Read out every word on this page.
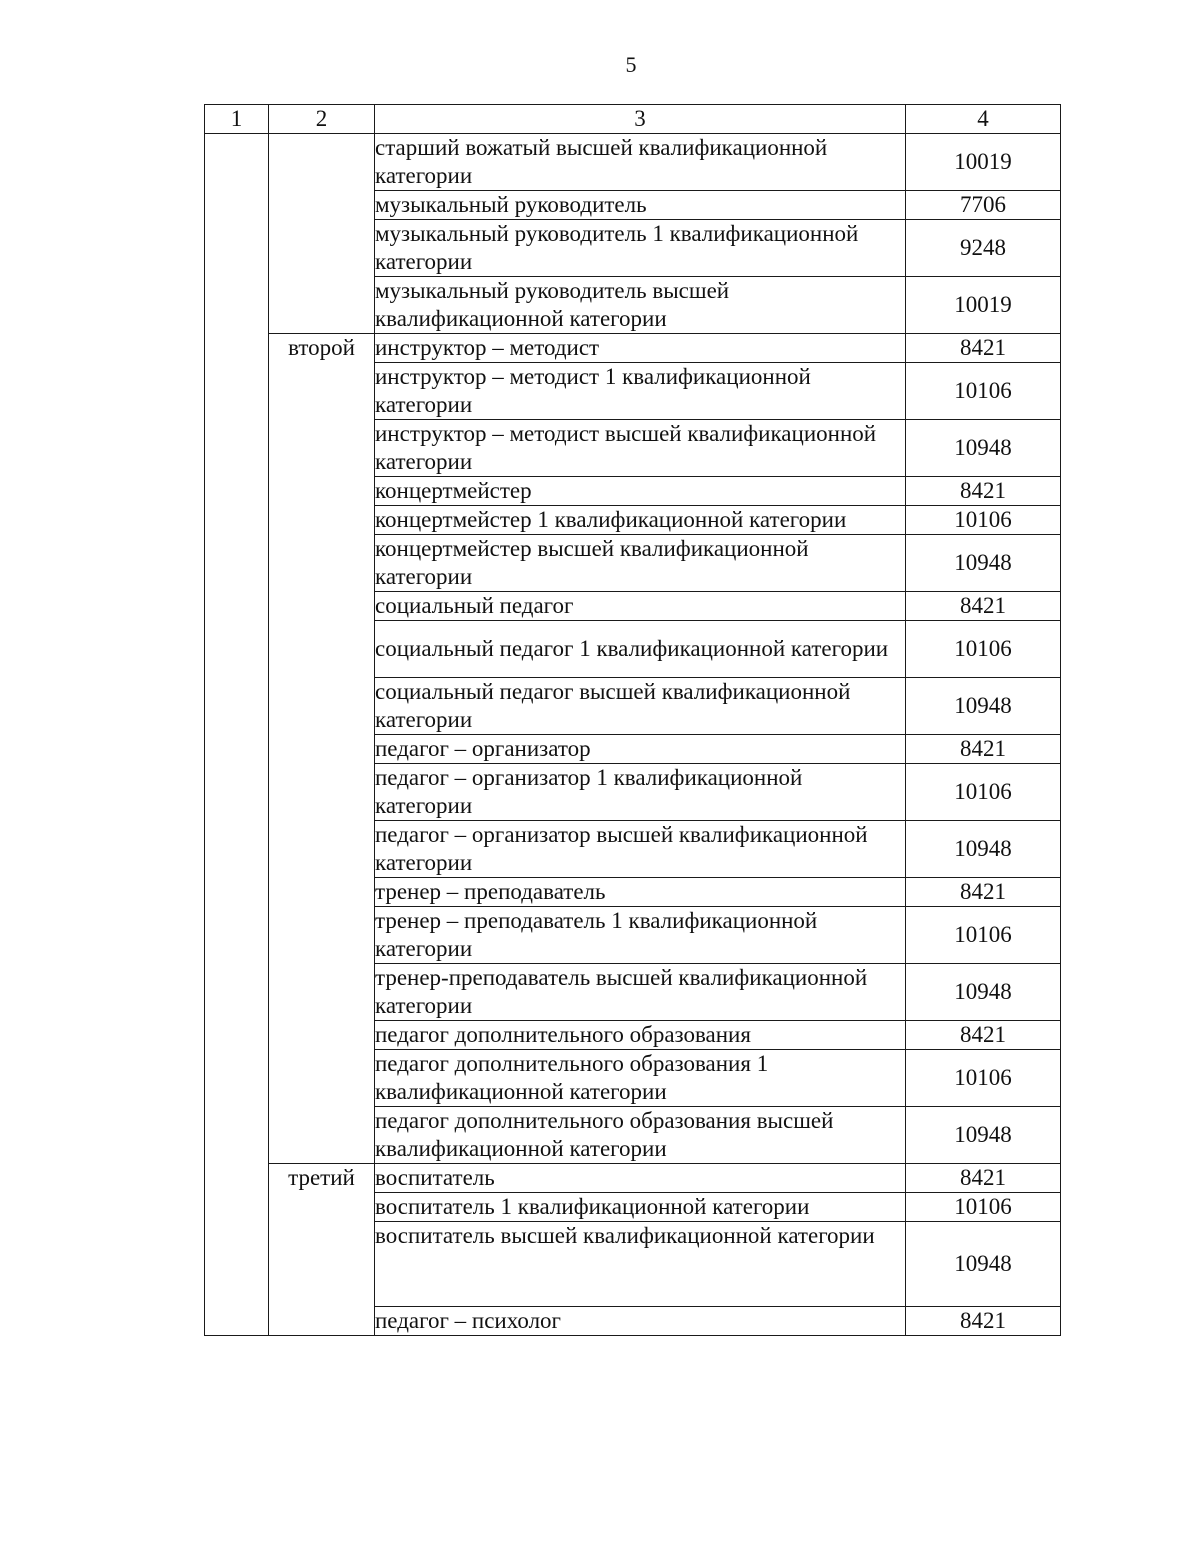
5
1	2	3	4
		старший вожатый высшей квалификационной категории	10019
		музыкальный руководитель	7706
		музыкальный руководитель 1 квалификационной категории	9248
		музыкальный руководитель высшей квалификационной категории	10019
	второй	инструктор – методист	8421
		инструктор – методист 1 квалификационной категории	10106
		инструктор – методист высшей квалификационной категории	10948
		концертмейстер	8421
		концертмейстер 1 квалификационной категории	10106
		концертмейстер высшей квалификационной категории	10948
		социальный педагог	8421
		социальный педагог 1 квалификационной категории	10106
		социальный педагог высшей квалификационной категории	10948
		педагог – организатор	8421
		педагог – организатор 1 квалификационной категории	10106
		педагог – организатор высшей квалификационной категории	10948
		тренер – преподаватель	8421
		тренер – преподаватель 1 квалификационной категории	10106
		тренер-преподаватель высшей квалификационной категории	10948
		педагог дополнительного образования	8421
		педагог дополнительного образования 1 квалификационной категории	10106
		педагог дополнительного образования высшей квалификационной категории	10948
	третий	воспитатель	8421
		воспитатель 1 квалификационной категории	10106
		воспитатель высшей квалификационной категории	10948
		педагог – психолог	8421
